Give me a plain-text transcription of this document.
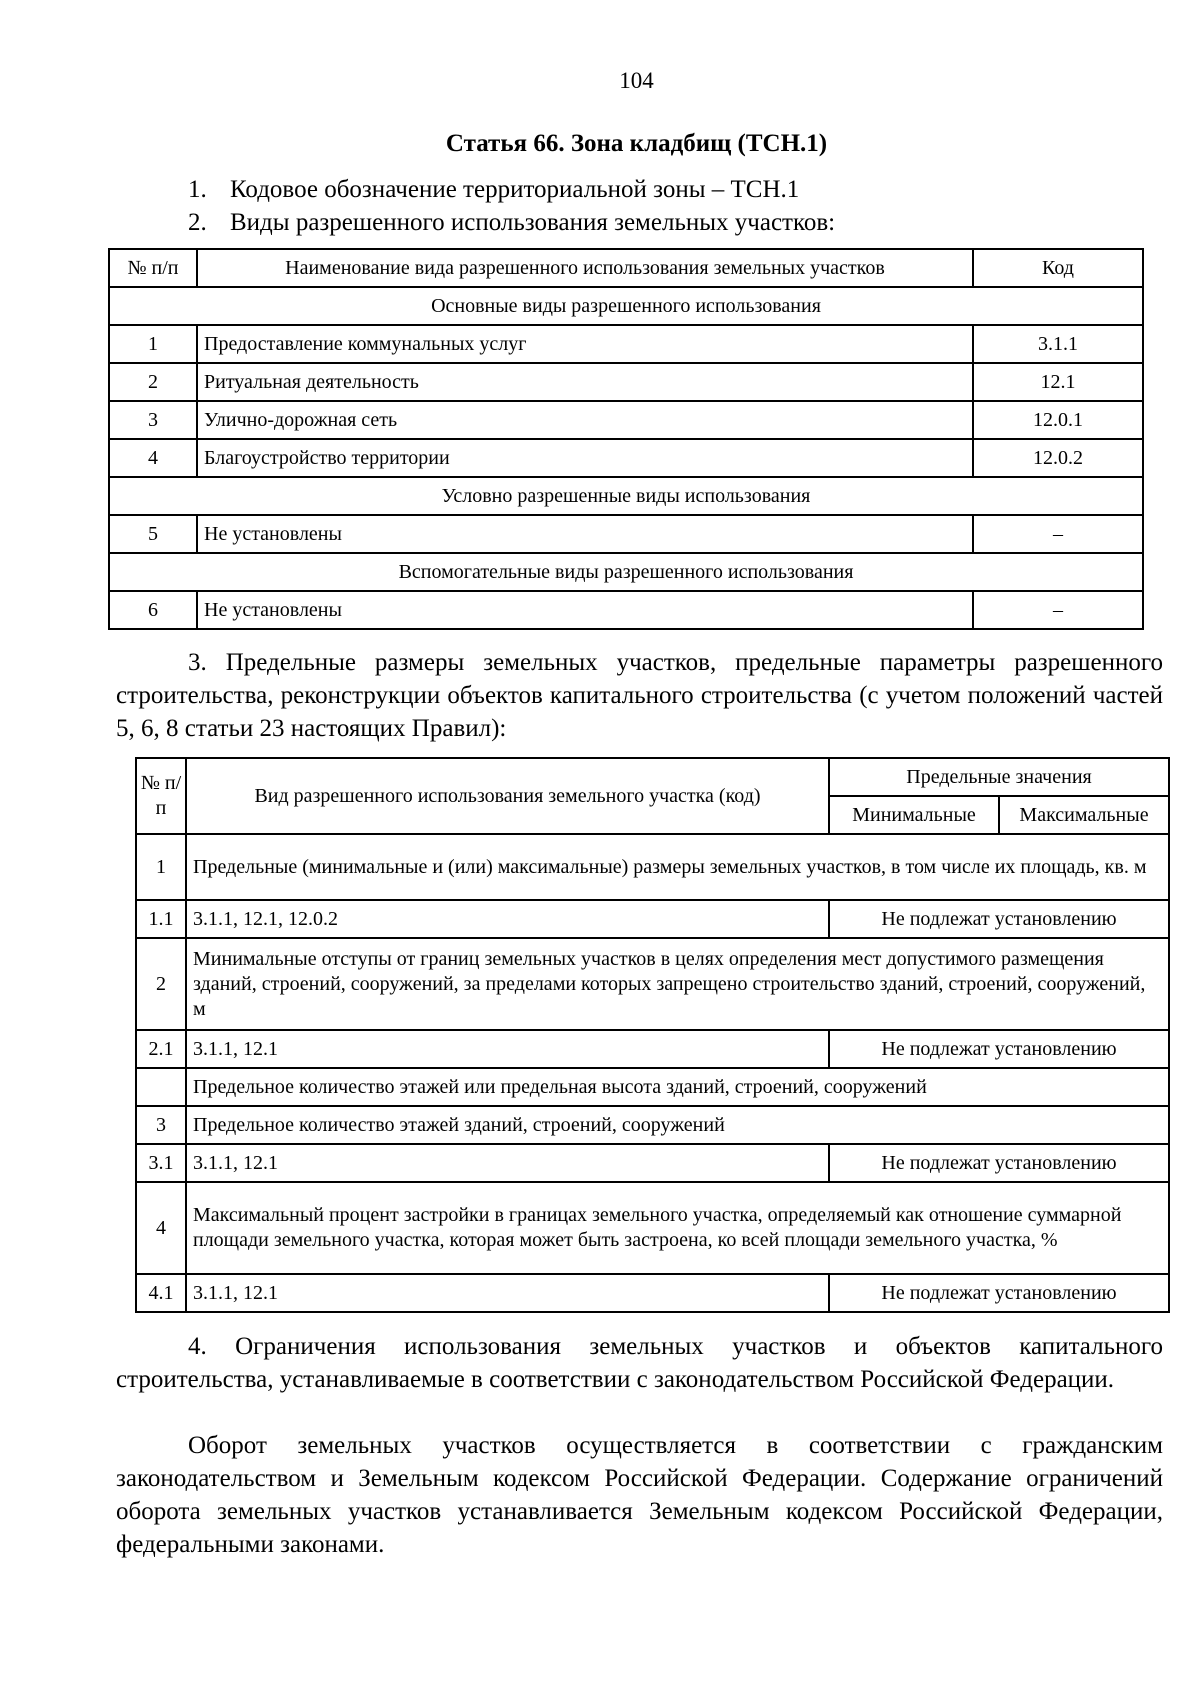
104
Статья 66. Зона кладбищ (ТСН.1)
1. Кодовое обозначение территориальной зоны – ТСН.1
2. Виды разрешенного использования земельных участков:
№ п/п	Наименование вида разрешенного использования земельных участков	Код
Основные виды разрешенного использования		
1	Предоставление коммунальных услуг	3.1.1
2	Ритуальная деятельность	12.1
3	Улично-дорожная сеть	12.0.1
4	Благоустройство территории	12.0.2
Условно разрешенные виды использования		
5	Не установлены	–
Вспомогательные виды разрешенного использования		
6	Не установлены	–
3. Предельные размеры земельных участков, предельные параметры разрешенного строительства, реконструкции объектов капитального строительства (с учетом положений частей 5, 6, 8 статьи 23 настоящих Правил):
№ п/п	Вид разрешенного использования земельного участка (код)	Предельные значения	
		Минимальные	Максимальные
1	Предельные (минимальные и (или) максимальные) размеры земельных участков, в том числе их площадь, кв. м		
1.1	3.1.1, 12.1, 12.0.2	Не подлежат установлению	
2	Минимальные отступы от границ земельных участков в целях определения мест допустимого размещения зданий, строений, сооружений, за пределами которых запрещено строительство зданий, строений, сооружений, м		
2.1	3.1.1, 12.1	Не подлежат установлению	
	Предельное количество этажей или предельная высота зданий, строений, сооружений		
3	Предельное количество этажей зданий, строений, сооружений		
3.1	3.1.1, 12.1	Не подлежат установлению	
4	Максимальный процент застройки в границах земельного участка, определяемый как отношение суммарной площади земельного участка, которая может быть застроена, ко всей площади земельного участка, %		
4.1	3.1.1, 12.1	Не подлежат установлению	
4. Ограничения использования земельных участков и объектов капитального строительства, устанавливаемые в соответствии с законодательством Российской Федерации.
Оборот земельных участков осуществляется в соответствии с гражданским законодательством и Земельным кодексом Российской Федерации. Содержание ограничений оборота земельных участков устанавливается Земельным кодексом Российской Федерации, федеральными законами.
